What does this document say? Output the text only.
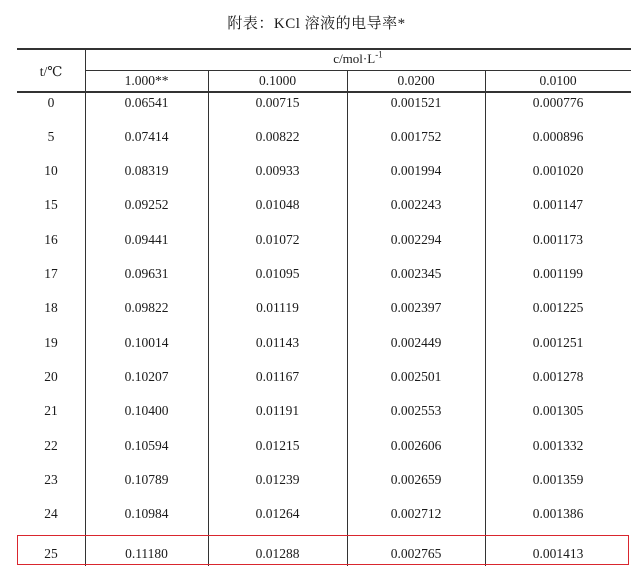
附表：KCl 溶液的电导率*
t/℃
$c/mol\cdot L^{-1}$
1.000**	0.1000	0.0200	0.0100
0	0.06541	0.00715	0.001521	0.000776
5	0.07414	0.00822	0.001752	0.000896
10	0.08319	0.00933	0.001994	0.001020
15	0.09252	0.01048	0.002243	0.001147
16	0.09441	0.01072	0.002294	0.001173
17	0.09631	0.01095	0.002345	0.001199
18	0.09822	0.01119	0.002397	0.001225
19	0.10014	0.01143	0.002449	0.001251
20	0.10207	0.01167	0.002501	0.001278
21	0.10400	0.01191	0.002553	0.001305
22	0.10594	0.01215	0.002606	0.001332
23	0.10789	0.01239	0.002659	0.001359
24	0.10984	0.01264	0.002712	0.001386
25	0.11180	0.01288	0.002765	0.001413
